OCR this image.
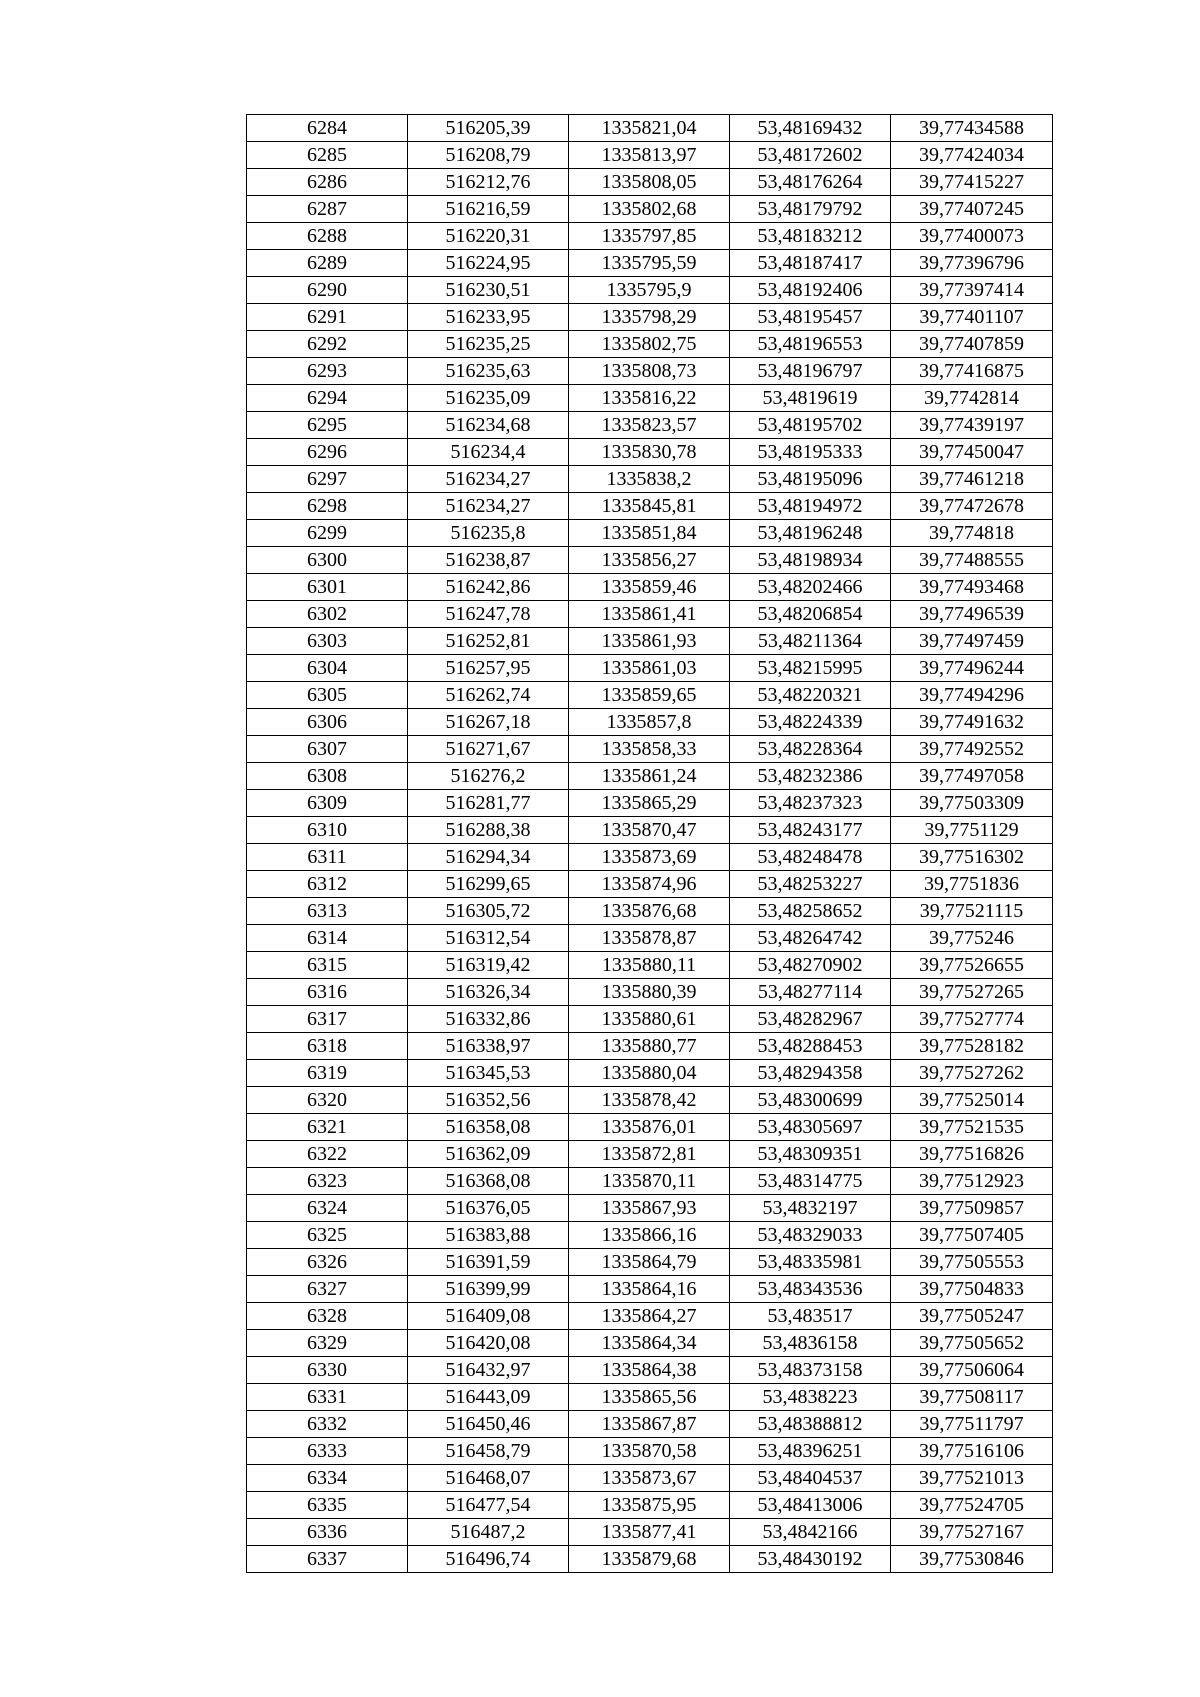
6284	516205,39	1335821,04	53,48169432	39,77434588
6285	516208,79	1335813,97	53,48172602	39,77424034
6286	516212,76	1335808,05	53,48176264	39,77415227
6287	516216,59	1335802,68	53,48179792	39,77407245
6288	516220,31	1335797,85	53,48183212	39,77400073
6289	516224,95	1335795,59	53,48187417	39,77396796
6290	516230,51	1335795,9	53,48192406	39,77397414
6291	516233,95	1335798,29	53,48195457	39,77401107
6292	516235,25	1335802,75	53,48196553	39,77407859
6293	516235,63	1335808,73	53,48196797	39,77416875
6294	516235,09	1335816,22	53,4819619	39,7742814
6295	516234,68	1335823,57	53,48195702	39,77439197
6296	516234,4	1335830,78	53,48195333	39,77450047
6297	516234,27	1335838,2	53,48195096	39,77461218
6298	516234,27	1335845,81	53,48194972	39,77472678
6299	516235,8	1335851,84	53,48196248	39,774818
6300	516238,87	1335856,27	53,48198934	39,77488555
6301	516242,86	1335859,46	53,48202466	39,77493468
6302	516247,78	1335861,41	53,48206854	39,77496539
6303	516252,81	1335861,93	53,48211364	39,77497459
6304	516257,95	1335861,03	53,48215995	39,77496244
6305	516262,74	1335859,65	53,48220321	39,77494296
6306	516267,18	1335857,8	53,48224339	39,77491632
6307	516271,67	1335858,33	53,48228364	39,77492552
6308	516276,2	1335861,24	53,48232386	39,77497058
6309	516281,77	1335865,29	53,48237323	39,77503309
6310	516288,38	1335870,47	53,48243177	39,7751129
6311	516294,34	1335873,69	53,48248478	39,77516302
6312	516299,65	1335874,96	53,48253227	39,7751836
6313	516305,72	1335876,68	53,48258652	39,77521115
6314	516312,54	1335878,87	53,48264742	39,775246
6315	516319,42	1335880,11	53,48270902	39,77526655
6316	516326,34	1335880,39	53,48277114	39,77527265
6317	516332,86	1335880,61	53,48282967	39,77527774
6318	516338,97	1335880,77	53,48288453	39,77528182
6319	516345,53	1335880,04	53,48294358	39,77527262
6320	516352,56	1335878,42	53,48300699	39,77525014
6321	516358,08	1335876,01	53,48305697	39,77521535
6322	516362,09	1335872,81	53,48309351	39,77516826
6323	516368,08	1335870,11	53,48314775	39,77512923
6324	516376,05	1335867,93	53,4832197	39,77509857
6325	516383,88	1335866,16	53,48329033	39,77507405
6326	516391,59	1335864,79	53,48335981	39,77505553
6327	516399,99	1335864,16	53,48343536	39,77504833
6328	516409,08	1335864,27	53,483517	39,77505247
6329	516420,08	1335864,34	53,4836158	39,77505652
6330	516432,97	1335864,38	53,48373158	39,77506064
6331	516443,09	1335865,56	53,4838223	39,77508117
6332	516450,46	1335867,87	53,48388812	39,77511797
6333	516458,79	1335870,58	53,48396251	39,77516106
6334	516468,07	1335873,67	53,48404537	39,77521013
6335	516477,54	1335875,95	53,48413006	39,77524705
6336	516487,2	1335877,41	53,4842166	39,77527167
6337	516496,74	1335879,68	53,48430192	39,77530846
